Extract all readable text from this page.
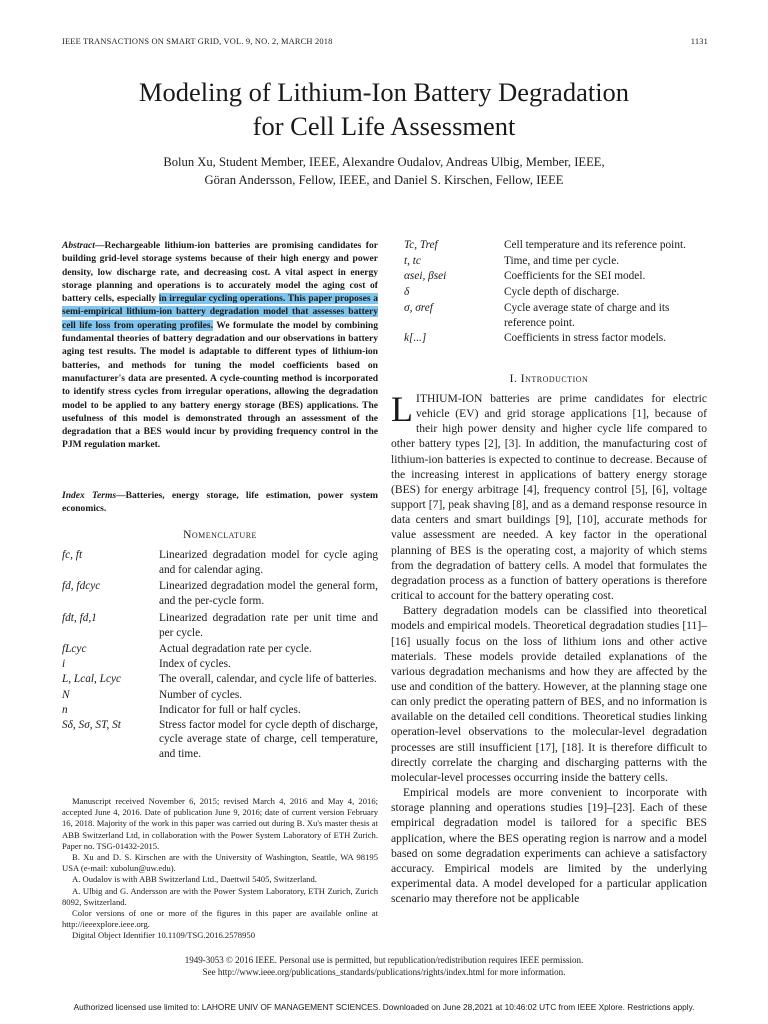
IEEE TRANSACTIONS ON SMART GRID, VOL. 9, NO. 2, MARCH 2018	1131
Modeling of Lithium-Ion Battery Degradation
for Cell Life Assessment
Bolun Xu, Student Member, IEEE, Alexandre Oudalov, Andreas Ulbig, Member, IEEE,
Göran Andersson, Fellow, IEEE, and Daniel S. Kirschen, Fellow, IEEE
Abstract—Rechargeable lithium-ion batteries are promising candidates for building grid-level storage systems because of their high energy and power density, low discharge rate, and decreasing cost. A vital aspect in energy storage planning and operations is to accurately model the aging cost of battery cells, especially in irregular cycling operations. This paper proposes a semi-empirical lithium-ion battery degradation model that assesses battery cell life loss from operating profiles. We formulate the model by combining fundamental theories of battery degradation and our observations in battery aging test results. The model is adaptable to different types of lithium-ion batteries, and methods for tuning the model coefficients based on manufacturer's data are presented. A cycle-counting method is incorporated to identify stress cycles from irregular operations, allowing the degradation model to be applied to any battery energy storage (BES) applications. The usefulness of this model is demonstrated through an assessment of the degradation that a BES would incur by providing frequency control in the PJM regulation market.
Index Terms—Batteries, energy storage, life estimation, power system economics.
Nomenclature
fc, ft	Linearized degradation model for cycle aging and for calendar aging.
fd, fdcyc	Linearized degradation model the general form, and the per-cycle form.
fdt, fd,1	Linearized degradation rate per unit time and per cycle.
fLcyc	Actual degradation rate per cycle.
i	Index of cycles.
L, Lcal, Lcyc	The overall, calendar, and cycle life of batteries.
N	Number of cycles.
n	Indicator for full or half cycles.
Sδ, Sσ, ST, St	Stress factor model for cycle depth of discharge, cycle average state of charge, cell temperature, and time.

Manuscript received November 6, 2015; revised March 4, 2016 and May 4, 2016; accepted June 4, 2016. Date of publication June 9, 2016; date of current version February 16, 2018. Majority of the work in this paper was carried out during B. Xu's master thesis at ABB Switzerland Ltd, in collaboration with the Power System Laboratory of ETH Zurich. Paper no. TSG-01432-2015.

B. Xu and D. S. Kirschen are with the University of Washington, Seattle, WA 98195 USA (e-mail: xubolun@uw.edu).

A. Oudalov is with ABB Switzerland Ltd., Daettwil 5405, Switzerland.

A. Ulbig and G. Andersson are with the Power System Laboratory, ETH Zurich, Zurich 8092, Switzerland.

Color versions of one or more of the figures in this paper are available online at http://ieeexplore.ieee.org.

Digital Object Identifier 10.1109/TSG.2016.2578950

Tc, Tref	Cell temperature and its reference point.
t, tc	Time, and time per cycle.
αsei, βsei	Coefficients for the SEI model.
δ	Cycle depth of discharge.
σ, σref	Cycle average state of charge and its reference point.
k[...]	Coefficients in stress factor models.
I. Introduction

LITHIUM-ION batteries are prime candidates for electric vehicle (EV) and grid storage applications [1], because of their high power density and higher cycle life compared to other battery types [2], [3]. In addition, the manufacturing cost of lithium-ion batteries is expected to continue to decrease. Because of the increasing interest in applications of battery energy storage (BES) for energy arbitrage [4], frequency control [5], [6], voltage support [7], peak shaving [8], and as a demand response resource in data centers and smart buildings [9], [10], accurate methods for value assessment are needed. A key factor in the operational planning of BES is the operating cost, a majority of which stems from the degradation of battery cells. A model that formulates the degradation process as a function of battery operations is therefore critical to account for the battery operating cost.

Battery degradation models can be classified into theoretical models and empirical models. Theoretical degradation studies [11]–[16] usually focus on the loss of lithium ions and other active materials. These models provide detailed explanations of the various degradation mechanisms and how they are affected by the use and condition of the battery. However, at the planning stage one can only predict the operating pattern of BES, and no information is available on the detailed cell conditions. Theoretical studies linking operation-level observations to the molecular-level degradation processes are still insufficient [17], [18]. It is therefore difficult to directly correlate the charging and discharging patterns with the molecular-level processes occurring inside the battery cells.

Empirical models are more convenient to incorporate with storage planning and operations studies [19]–[23]. Each of these empirical degradation model is tailored for a specific BES application, where the BES operating region is narrow and a model based on some degradation experiments can achieve a satisfactory accuracy. Empirical models are limited by the underlying experimental data. A model developed for a particular application scenario may therefore not be applicable

1949-3053 © 2016 IEEE. Personal use is permitted, but republication/redistribution requires IEEE permission.
See http://www.ieee.org/publications_standards/publications/rights/index.html for more information.
Authorized licensed use limited to: LAHORE UNIV OF MANAGEMENT SCIENCES. Downloaded on June 28,2021 at 10:46:02 UTC from IEEE Xplore. Restrictions apply.
